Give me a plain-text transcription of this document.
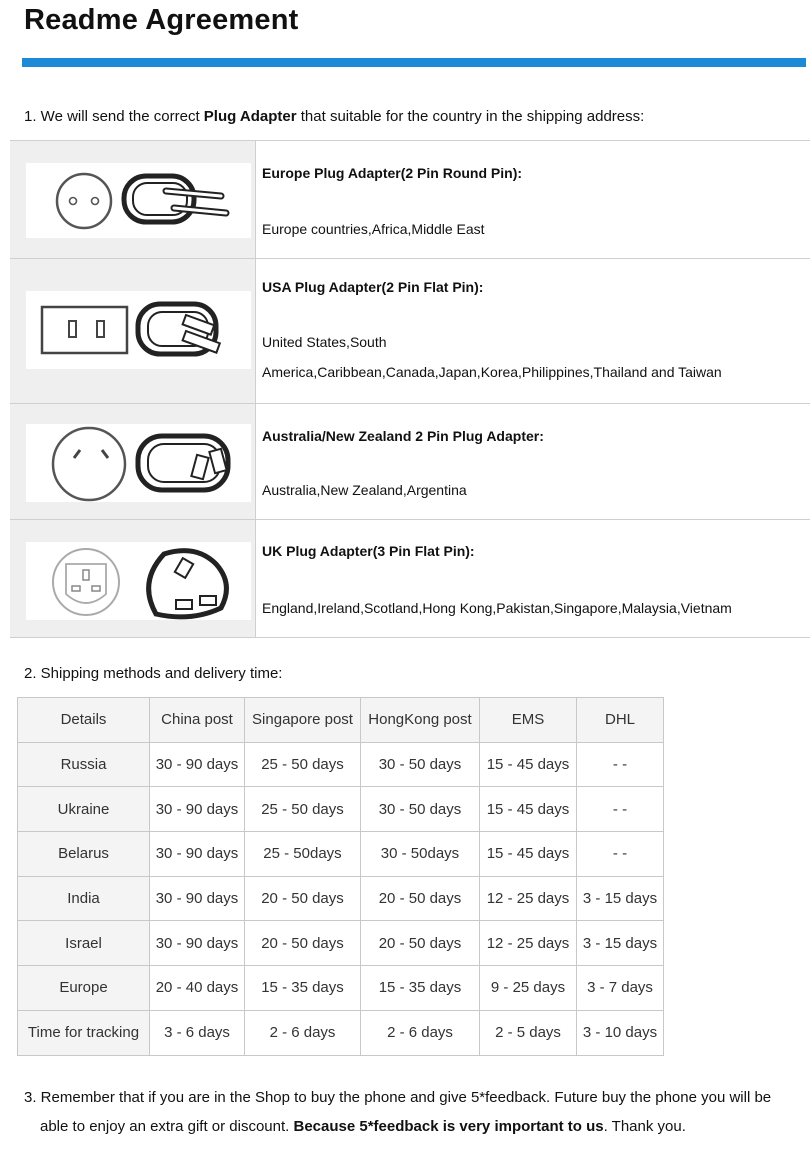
Readme Agreement
1. We will send the correct Plug Adapter that suitable for the country in the shipping address:
Europe Plug Adapter(2 Pin Round Pin):
Europe countries,Africa,Middle East
USA Plug Adapter(2 Pin Flat Pin):
United States,South
America,Caribbean,Canada,Japan,Korea,Philippines,Thailand and Taiwan
Australia/New Zealand 2 Pin Plug Adapter:
Australia,New Zealand,Argentina
UK Plug Adapter(3 Pin Flat Pin):
England,Ireland,Scotland,Hong Kong,Pakistan,Singapore,Malaysia,Vietnam
2. Shipping methods and delivery time:
Details	China post	Singapore post	HongKong post	EMS	DHL
Russia	30 - 90 days	25 - 50 days	30 - 50 days	15 - 45 days	- -
Ukraine	30 - 90 days	25 - 50 days	30 - 50 days	15 - 45 days	- -
Belarus	30 - 90 days	25 - 50days	30 - 50days	15 - 45 days	- -
India	30 - 90 days	20 - 50 days	20 - 50 days	12 - 25 days	3 - 15 days
Israel	30 - 90 days	20 - 50 days	20 - 50 days	12 - 25 days	3 - 15 days
Europe	20 - 40 days	15 - 35 days	15 - 35 days	9 - 25 days	3 - 7 days
Time for tracking	3 - 6 days	2 - 6 days	2 - 6 days	2 - 5 days	3 - 10 days
3. Remember that if you are in the Shop to buy the phone and give 5*feedback. Future buy the phone you will be
able to enjoy an extra gift or discount. Because 5*feedback is very important to us. Thank you.
